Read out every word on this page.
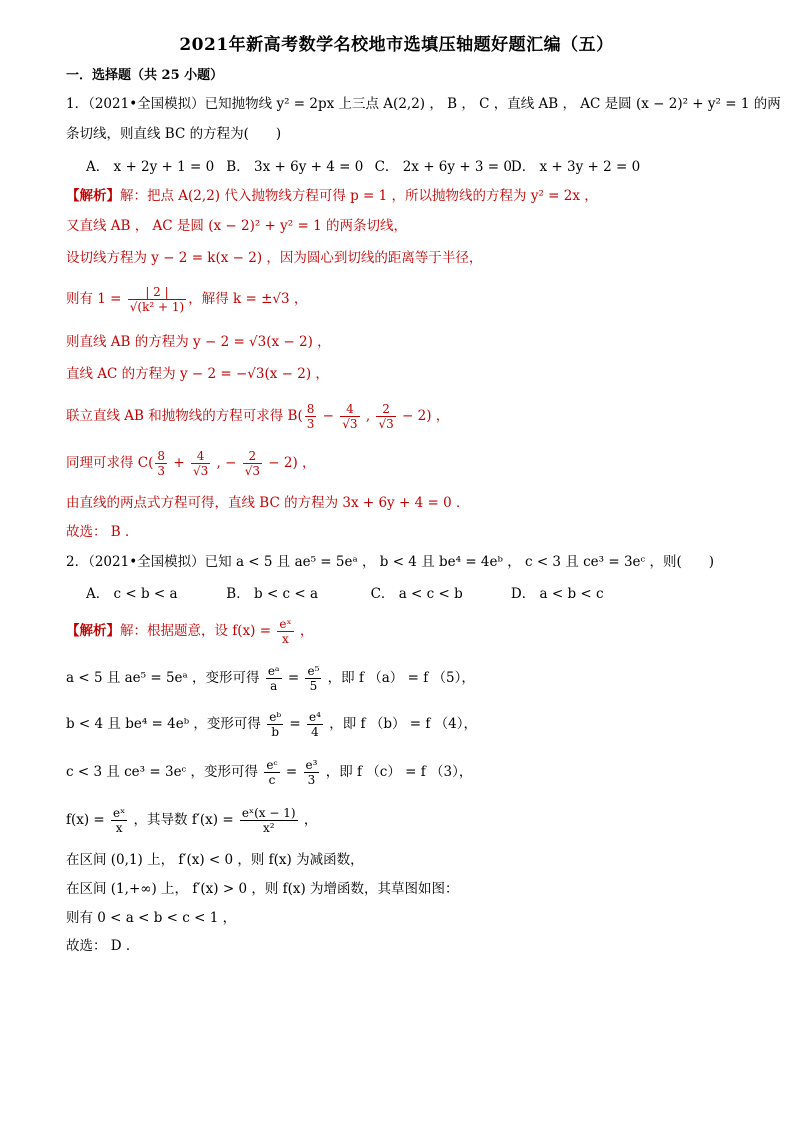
2021年新高考数学名校地市选填压轴题好题汇编（五）
一．选择题（共 25 小题）
1．（2021•全国模拟）已知抛物线 y² = 2px 上三点 A(2,2) ， B ， C ，直线 AB ， AC 是圆 (x − 2)² + y² = 1 的两
条切线，则直线 BC 的方程为(　　)
A． x + 2y + 1 = 0 B． 3x + 6y + 4 = 0 C． 2x + 6y + 3 = 0 D． x + 3y + 2 = 0
【解析】解：把点 A(2,2) 代入抛物线方程可得 p = 1 ，所以抛物线的方程为 y² = 2x ，
又直线 AB ， AC 是圆 (x − 2)² + y² = 1 的两条切线，
设切线方程为 y − 2 = k(x − 2) ，因为圆心到切线的距离等于半径，
则有 $1 = \frac{| 2 |}{\text{√(k² + 1)}}$ ，解得 k = ±√3 ，
则直线 AB 的方程为 y − 2 = √3(x − 2) ，
直线 AC 的方程为 y − 2 = −√3(x − 2) ，
联立直线 AB 和抛物线的方程可求得 $B( \frac{8}{3} - \frac{4}{√3}$ , $\frac{2}{√3} - 2$) ，
同理可求得 $C( \frac{8}{3} + \frac{4}{√3}$ , − $\frac{2}{√3} - 2$) ，
由直线的两点式方程可得，直线 BC 的方程为 3x + 6y + 4 = 0 ．
故选： B ．
2．（2021•全国模拟）已知 a < 5 且 ae⁵ = 5eᵃ ， b < 4 且 be⁴ = 4eᵇ ， c < 3 且 ce³ = 3eᶜ ，则(　　)
A． c < b < a	B． b < c < a	C． a < c < b	D． a < b < c
【解析】解：根据题意，设 $f(x) = \frac{\text{eˣ}}{x}$ ，
a < 5 且 ae⁵ = 5eᵃ ，变形可得 $\frac{\text{eᵃ}}{a} = \frac{\text{e⁵}}{5}$ ，即 f （a） = f （5），
b < 4 且 be⁴ = 4eᵇ ，变形可得 $\frac{\text{eᵇ}}{b} = \frac{\text{e⁴}}{4}$ ，即 f （b） = f （4），
c < 3 且 ce³ = 3eᶜ ，变形可得 $\frac{\text{eᶜ}}{c} = \frac{\text{e³}}{3}$ ，即 f （c） = f （3），
$f(x) = \frac{\text{eˣ}}{x}$ ，其导数 $f'(x) = \frac{\text{eˣ(x − 1)}}{\text{x²}}$ ，
在区间 (0,1) 上， f′(x) < 0 ，则 f(x) 为减函数，
在区间 (1,+∞) 上， f′(x) > 0 ，则 f(x) 为增函数，其草图如图：
则有 0 < a < b < c < 1 ，
故选： D ．
